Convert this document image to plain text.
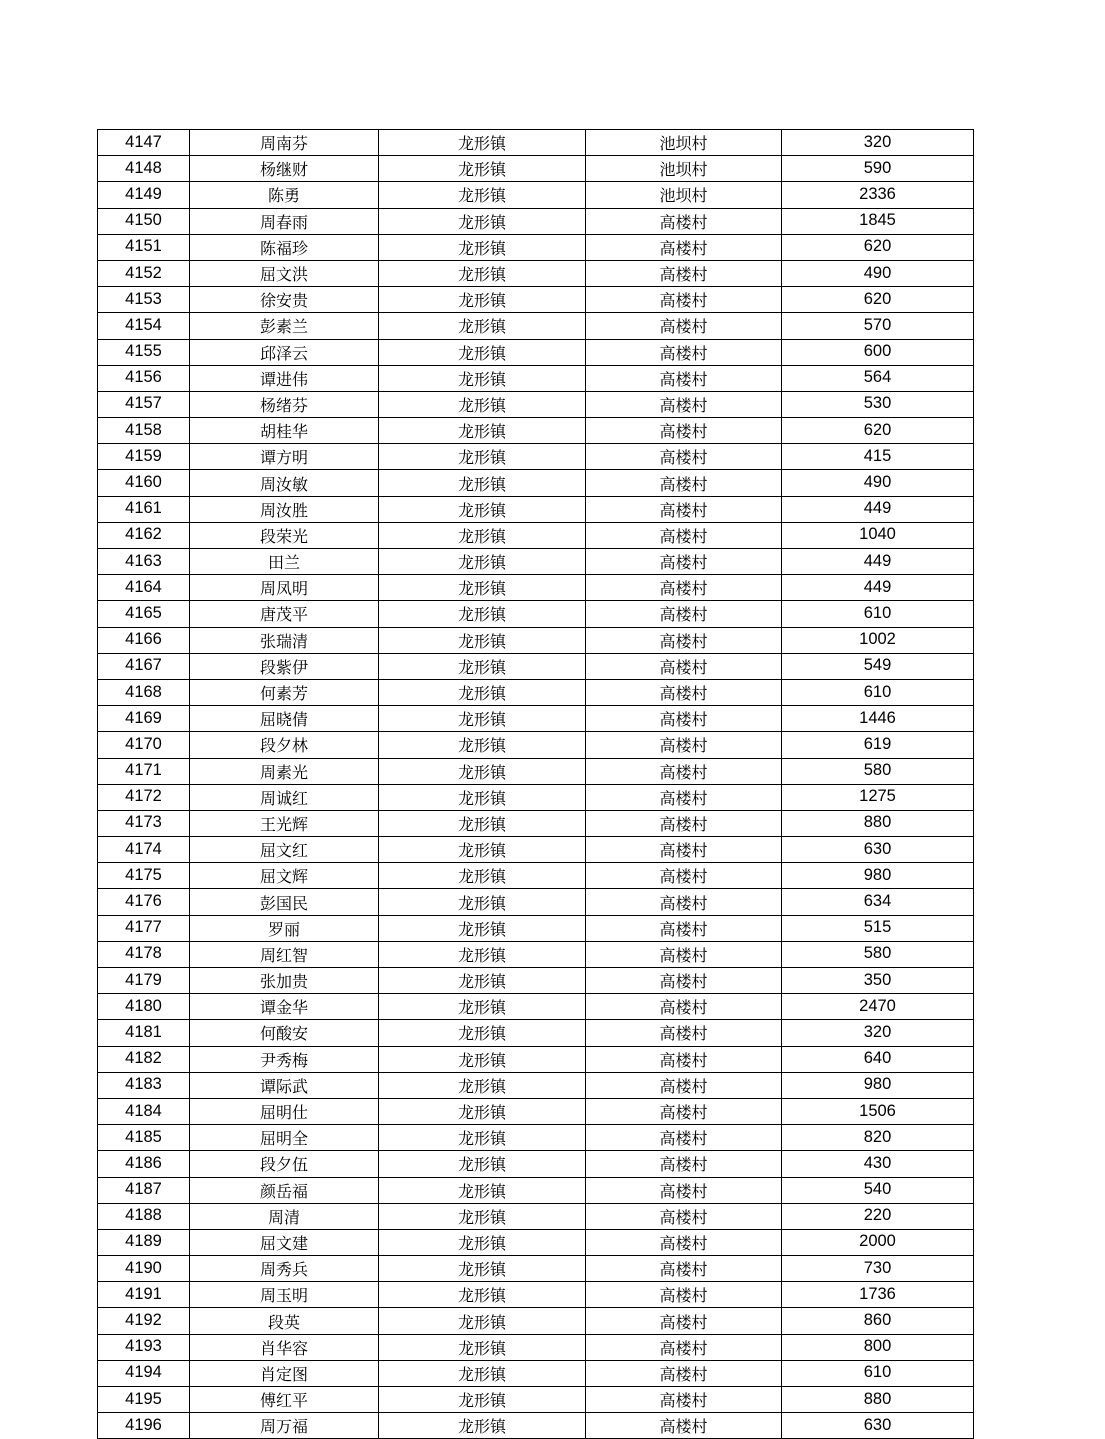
4147	周南芬	龙形镇	池坝村	320
4148	杨继财	龙形镇	池坝村	590
4149	陈勇	龙形镇	池坝村	2336
4150	周春雨	龙形镇	高楼村	1845
4151	陈福珍	龙形镇	高楼村	620
4152	屈文洪	龙形镇	高楼村	490
4153	徐安贵	龙形镇	高楼村	620
4154	彭素兰	龙形镇	高楼村	570
4155	邱泽云	龙形镇	高楼村	600
4156	谭进伟	龙形镇	高楼村	564
4157	杨绪芬	龙形镇	高楼村	530
4158	胡桂华	龙形镇	高楼村	620
4159	谭方明	龙形镇	高楼村	415
4160	周汝敏	龙形镇	高楼村	490
4161	周汝胜	龙形镇	高楼村	449
4162	段荣光	龙形镇	高楼村	1040
4163	田兰	龙形镇	高楼村	449
4164	周凤明	龙形镇	高楼村	449
4165	唐茂平	龙形镇	高楼村	610
4166	张瑞清	龙形镇	高楼村	1002
4167	段紫伊	龙形镇	高楼村	549
4168	何素芳	龙形镇	高楼村	610
4169	屈晓倩	龙形镇	高楼村	1446
4170	段夕林	龙形镇	高楼村	619
4171	周素光	龙形镇	高楼村	580
4172	周诚红	龙形镇	高楼村	1275
4173	王光辉	龙形镇	高楼村	880
4174	屈文红	龙形镇	高楼村	630
4175	屈文辉	龙形镇	高楼村	980
4176	彭国民	龙形镇	高楼村	634
4177	罗丽	龙形镇	高楼村	515
4178	周红智	龙形镇	高楼村	580
4179	张加贵	龙形镇	高楼村	350
4180	谭金华	龙形镇	高楼村	2470
4181	何酸安	龙形镇	高楼村	320
4182	尹秀梅	龙形镇	高楼村	640
4183	谭际武	龙形镇	高楼村	980
4184	屈明仕	龙形镇	高楼村	1506
4185	屈明全	龙形镇	高楼村	820
4186	段夕伍	龙形镇	高楼村	430
4187	颜岳福	龙形镇	高楼村	540
4188	周清	龙形镇	高楼村	220
4189	屈文建	龙形镇	高楼村	2000
4190	周秀兵	龙形镇	高楼村	730
4191	周玉明	龙形镇	高楼村	1736
4192	段英	龙形镇	高楼村	860
4193	肖华容	龙形镇	高楼村	800
4194	肖定图	龙形镇	高楼村	610
4195	傅红平	龙形镇	高楼村	880
4196	周万福	龙形镇	高楼村	630
